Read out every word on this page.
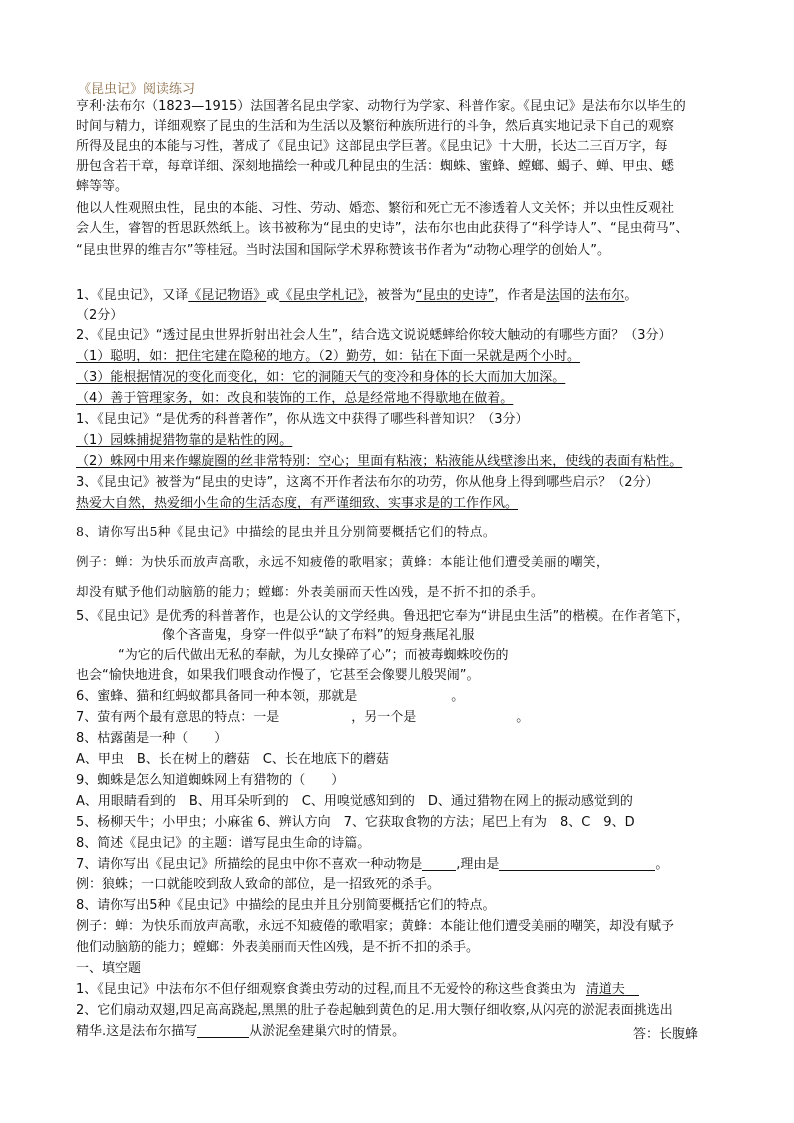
《昆虫记》阅读练习
亨利·法布尔（1823—1915）法国著名昆虫学家、动物行为学家、科普作家。《昆虫记》是法布尔以毕生的
时间与精力，详细观察了昆虫的生活和为生活以及繁衍种族所进行的斗争，然后真实地记录下自己的观察
所得及昆虫的本能与习性，著成了《昆虫记》这部昆虫学巨著。《昆虫记》十大册，长达二三百万字，每
册包含若干章，每章详细、深刻地描绘一种或几种昆虫的生活：蜘蛛、蜜蜂、螳螂、蝎子、蝉、甲虫、蟋
蟀等等。
他以人性观照虫性，昆虫的本能、习性、劳动、婚恋、繁衍和死亡无不渗透着人文关怀；并以虫性反观社
会人生，睿智的哲思跃然纸上。该书被称为“昆虫的史诗”，法布尔也由此获得了“科学诗人”、“昆虫荷马”、
“昆虫世界的维吉尔”等桂冠。当时法国和国际学术界称赞该书作者为“动物心理学的创始人”。
1、《昆虫记》，又译《昆记物语》或《昆虫学札记》，被誉为“昆虫的史诗”，作者是法国的法布尔。
（2分）
2、《昆虫记》“透过昆虫世界折射出社会人生”，结合选文说说蟋蟀给你较大触动的有哪些方面？（3分）
（1）聪明，如：把住宅建在隐秘的地方。（2）勤劳，如：钻在下面一呆就是两个小时。
（3）能根据情况的变化而变化，如：它的洞随天气的变冷和身体的长大而加大加深。
（4）善于管理家务，如：改良和装饰的工作，总是经常地不得歇地在做着。
1、《昆虫记》“是优秀的科普著作”，你从选文中获得了哪些科普知识？（3分）
（1）园蛛捕捉猎物靠的是粘性的网。
（2）蛛网中用来作螺旋圈的丝非常特别：空心；里面有粘液；粘液能从线壁渗出来，使线的表面有粘性。
3、《昆虫记》被誉为“昆虫的史诗”，这离不开作者法布尔的功劳，你从他身上得到哪些启示？（2分）
热爱大自然，热爱细小生命的生活态度，有严谨细致、实事求是的工作作风。
8、请你写出5种《昆虫记》中描绘的昆虫并且分别简要概括它们的特点。
例子：蝉：为快乐而放声高歌，永远不知疲倦的歌唱家；黄蜂：本能让他们遭受美丽的嘲笑，
却没有赋予他们动脑筋的能力；螳螂：外表美丽而天性凶残，是不折不扣的杀手。
5、《昆虫记》是优秀的科普著作，也是公认的文学经典。鲁迅把它奉为“讲昆虫生活”的楷模。在作者笔下，
像个吝啬鬼，身穿一件似乎“缺了布料”的短身燕尾礼服
“为它的后代做出无私的奉献，为儿女操碎了心”；而被毒蜘蛛咬伤的
也会“愉快地进食，如果我们喂食动作慢了，它甚至会像婴儿般哭闹”。
6、蜜蜂、猫和红蚂蚁都具备同一种本领，那就是	。
7、萤有两个最有意思的特点：一是	，另一个是	。
8、枯露菌是一种（　　）
A、甲虫　B、长在树上的蘑菇　C、长在地底下的蘑菇
9、蜘蛛是怎么知道蜘蛛网上有猎物的（　　）
A、用眼睛看到的　B、用耳朵听到的　C、用嗅觉感知到的　D、通过猎物在网上的振动感觉到的
5、杨柳天牛；小甲虫；小麻雀 6、辨认方向　7、它获取食物的方法；尾巴上有为　8、C　9、D
8、简述《昆虫记》的主题：谱写昆虫生命的诗篇。
7、请你写出《昆虫记》所描绘的昆虫中你不喜欢一种动物是	,理由是	。
例：狼蛛；一口就能咬到敌人致命的部位，是一招致死的杀手。
8、请你写出5种《昆虫记》中描绘的昆虫并且分别简要概括它们的特点。
例子：蝉：为快乐而放声高歌，永远不知疲倦的歌唱家；黄蜂：本能让他们遭受美丽的嘲笑，却没有赋予
他们动脑筋的能力；螳螂：外表美丽而天性凶残，是不折不扣的杀手。
一、填空题
1、《昆虫记》中法布尔不但仔细观察食粪虫劳动的过程,而且不无爱怜的称这些食粪虫为 清道夫
2、它们扇动双翅,四足高高跷起,黑黑的肚子卷起触到黄色的足.用大颚仔细收察,从闪亮的淤泥表面挑选出
精华.这是法布尔描写	从淤泥垒建巢穴时的情景。	答：长腹蜂
